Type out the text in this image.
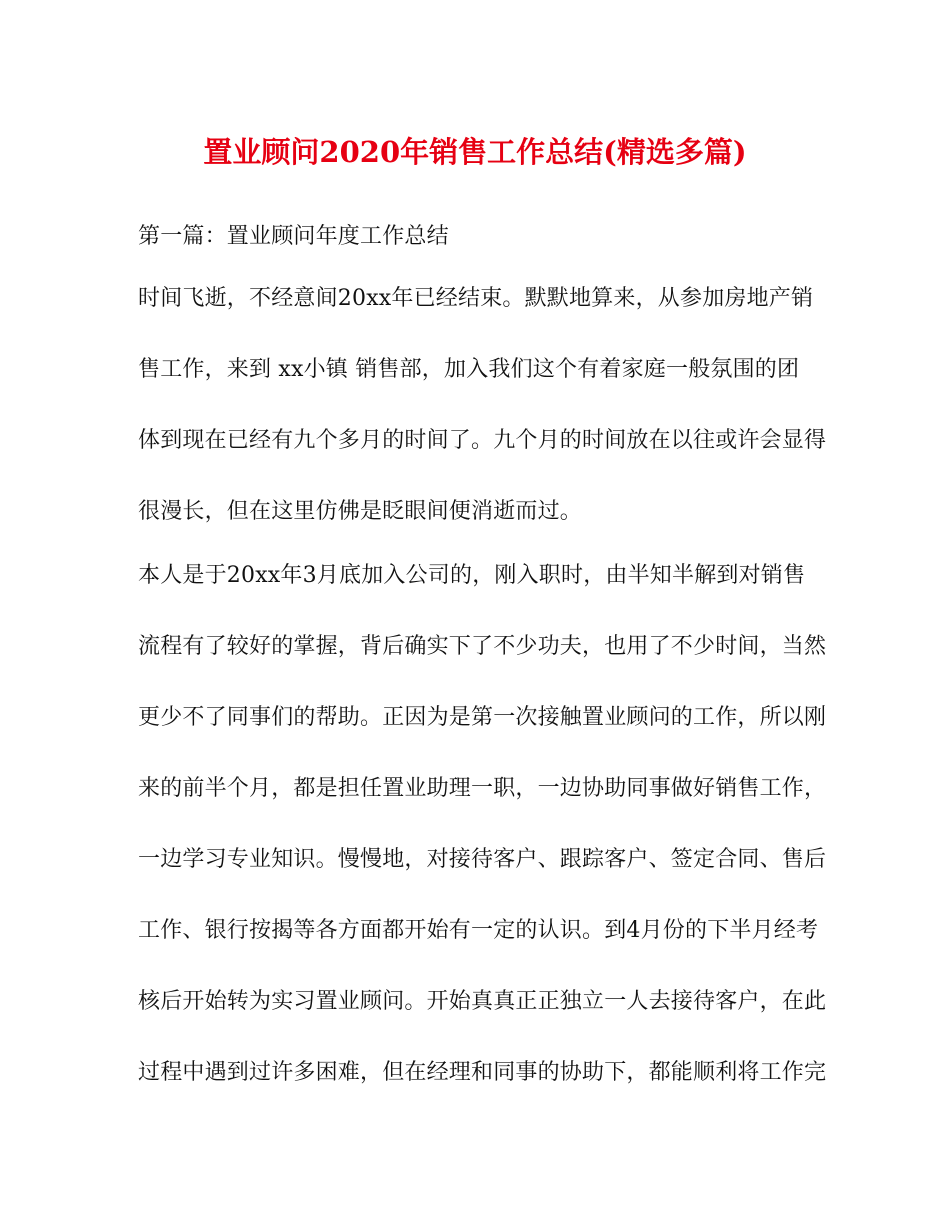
置业顾问2020年销售工作总结(精选多篇)
第一篇：置业顾问年度工作总结
时间飞逝，不经意间20xx年已经结束。默默地算来，从参加房地产销
售工作，来到 xx小镇 销售部，加入我们这个有着家庭一般氛围的团
体到现在已经有九个多月的时间了。九个月的时间放在以往或许会显得
很漫长，但在这里仿佛是眨眼间便消逝而过。
本人是于20xx年3月底加入公司的，刚入职时，由半知半解到对销售
流程有了较好的掌握，背后确实下了不少功夫，也用了不少时间，当然
更少不了同事们的帮助。正因为是第一次接触置业顾问的工作，所以刚
来的前半个月，都是担任置业助理一职，一边协助同事做好销售工作，
一边学习专业知识。慢慢地，对接待客户、跟踪客户、签定合同、售后
工作、银行按揭等各方面都开始有一定的认识。到4月份的下半月经考
核后开始转为实习置业顾问。开始真真正正独立一人去接待客户，在此
过程中遇到过许多困难，但在经理和同事的协助下，都能顺利将工作完
